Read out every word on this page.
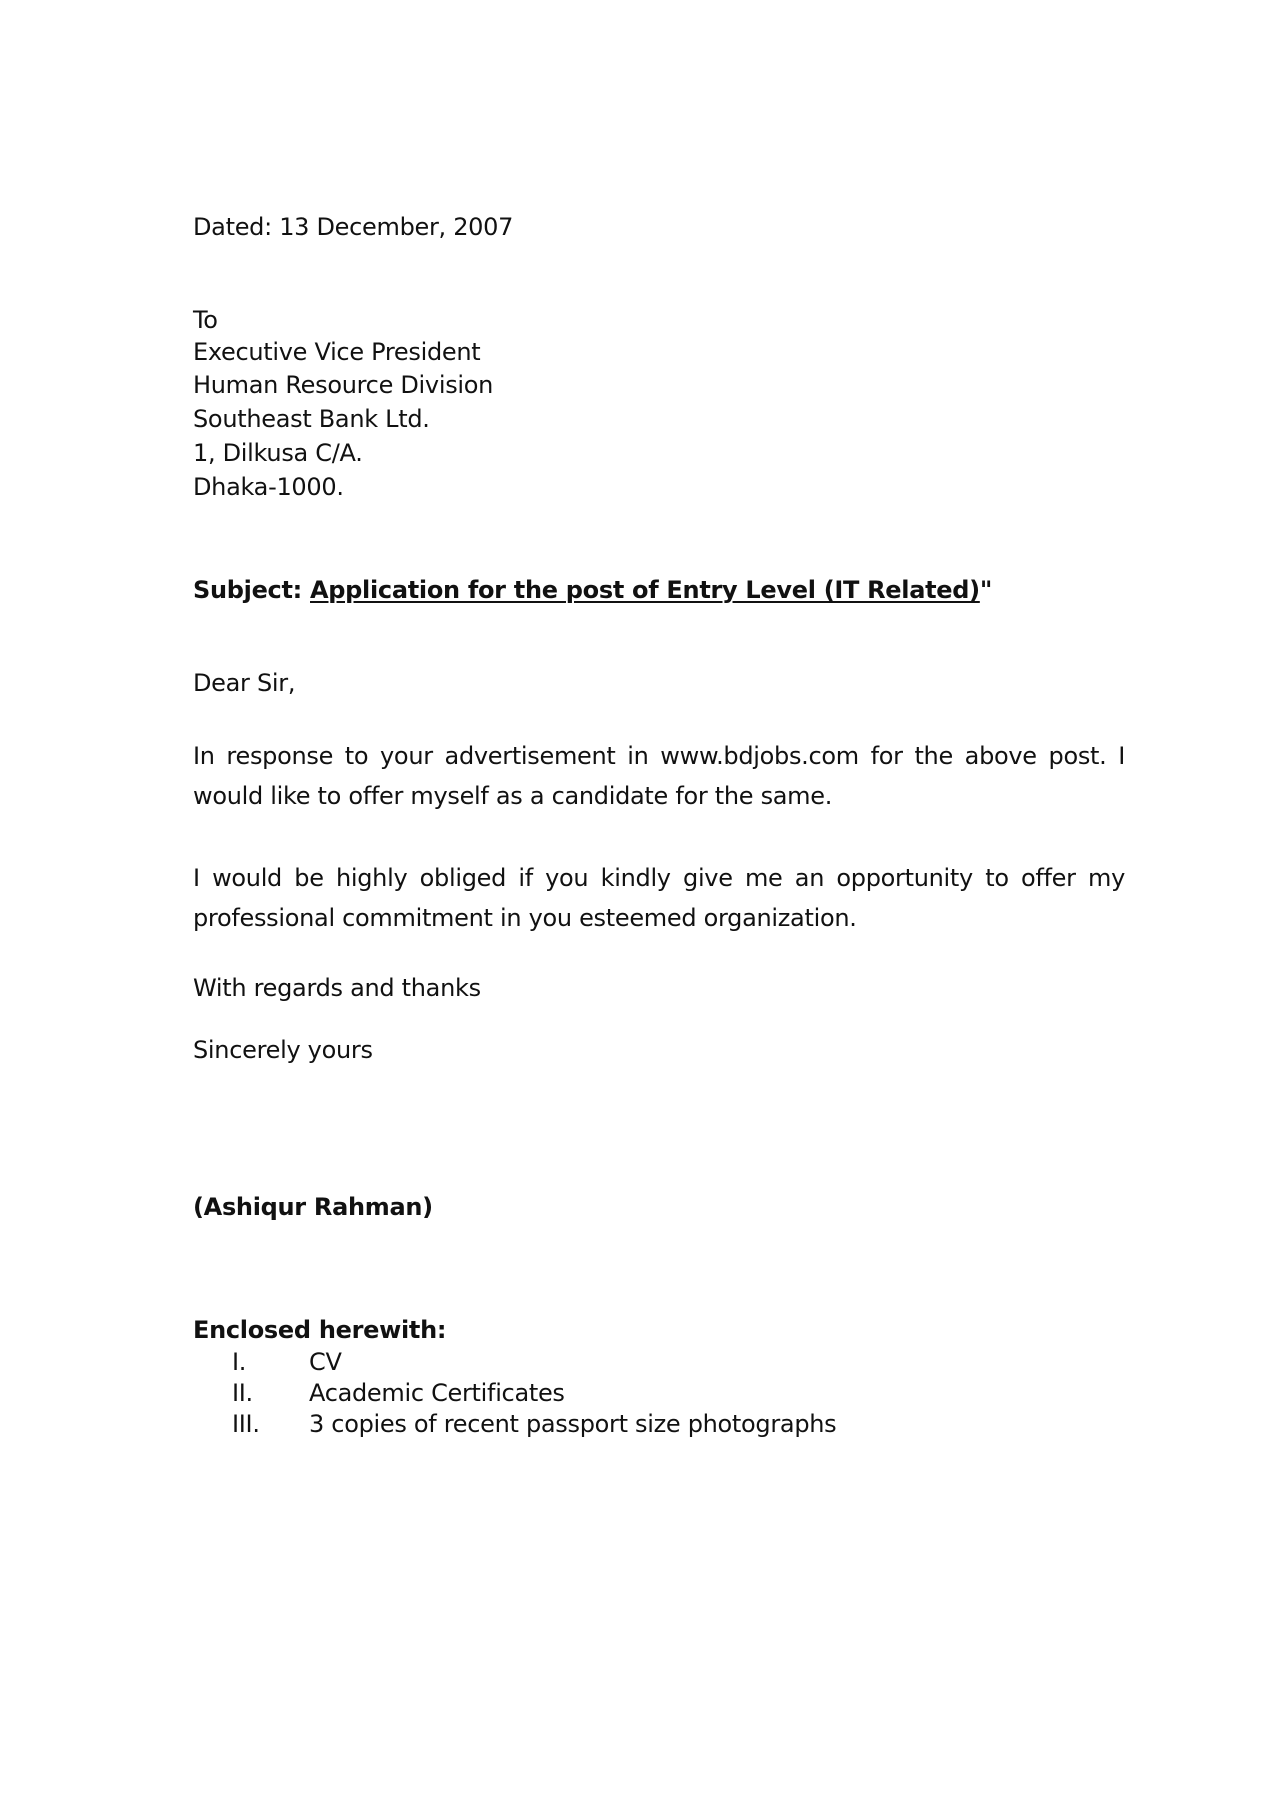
Dated: 13 December, 2007
To
Executive Vice President
Human Resource Division
Southeast Bank Ltd.
1, Dilkusa C/A.
Dhaka-1000.
Subject: Application for the post of Entry Level (IT Related)"
Dear Sir,
In response to your advertisement in www.bdjobs.com for the above post. I would like to offer myself as a candidate for the same.
I would be highly obliged if you kindly give me an opportunity to offer my professional commitment in you esteemed organization.
With regards and thanks
Sincerely yours
(Ashiqur Rahman)
Enclosed herewith:
I.	CV
II. Academic Certificates
III. 3 copies of recent passport size photographs
